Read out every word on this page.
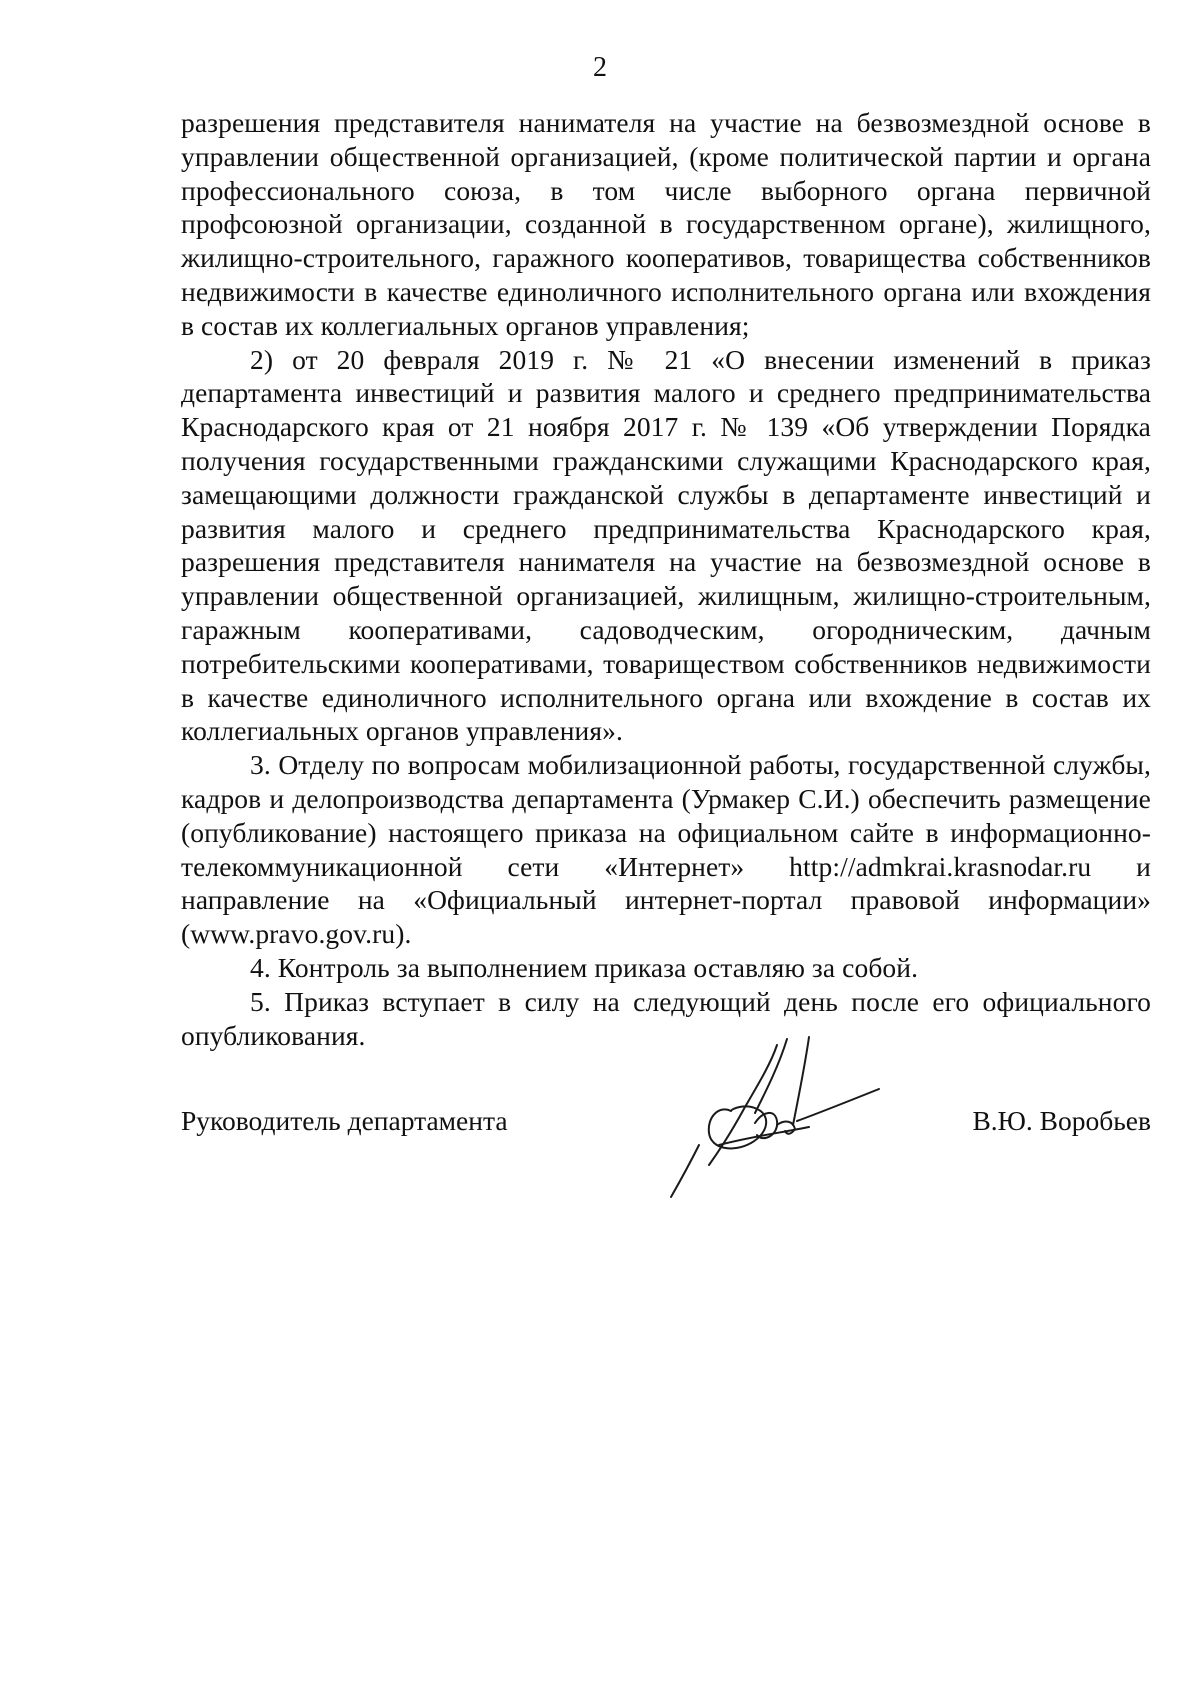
2

разрешения представителя нанимателя на участие на безвозмездной основе в управлении общественной организацией, (кроме политической партии и органа профессионального союза, в том числе выборного органа первичной профсоюзной организации, созданной в государственном органе), жилищного, жилищно-строительного, гаражного кооперативов, товарищества собственников недвижимости в качестве единоличного исполнительного органа или вхождения в состав их коллегиальных органов управления;

2) от 20 февраля 2019 г. № 21 «О внесении изменений в приказ департамента инвестиций и развития малого и среднего предпринимательства Краснодарского края от 21 ноября 2017 г. № 139 «Об утверждении Порядка получения государственными гражданскими служащими Краснодарского края, замещающими должности гражданской службы в департаменте инвестиций и развития малого и среднего предпринимательства Краснодарского края, разрешения представителя нанимателя на участие на безвозмездной основе в управлении общественной организацией, жилищным, жилищно-строительным, гаражным кооперативами, садоводческим, огородническим, дачным потребительскими кооперативами, товариществом собственников недвижимости в качестве единоличного исполнительного органа или вхождение в состав их коллегиальных органов управления».

3. Отделу по вопросам мобилизационной работы, государственной службы, кадров и делопроизводства департамента (Урмакер С.И.) обеспечить размещение (опубликование) настоящего приказа на официальном сайте в информационно-телекоммуникационной сети «Интернет» http://admkrai.krasnodar.ru и направление на «Официальный интернет-портал правовой информации» (www.pravo.gov.ru).

4. Контроль за выполнением приказа оставляю за собой.

5. Приказ вступает в силу на следующий день после его официального опубликования.

Руководитель департамента	В.Ю. Воробьев
